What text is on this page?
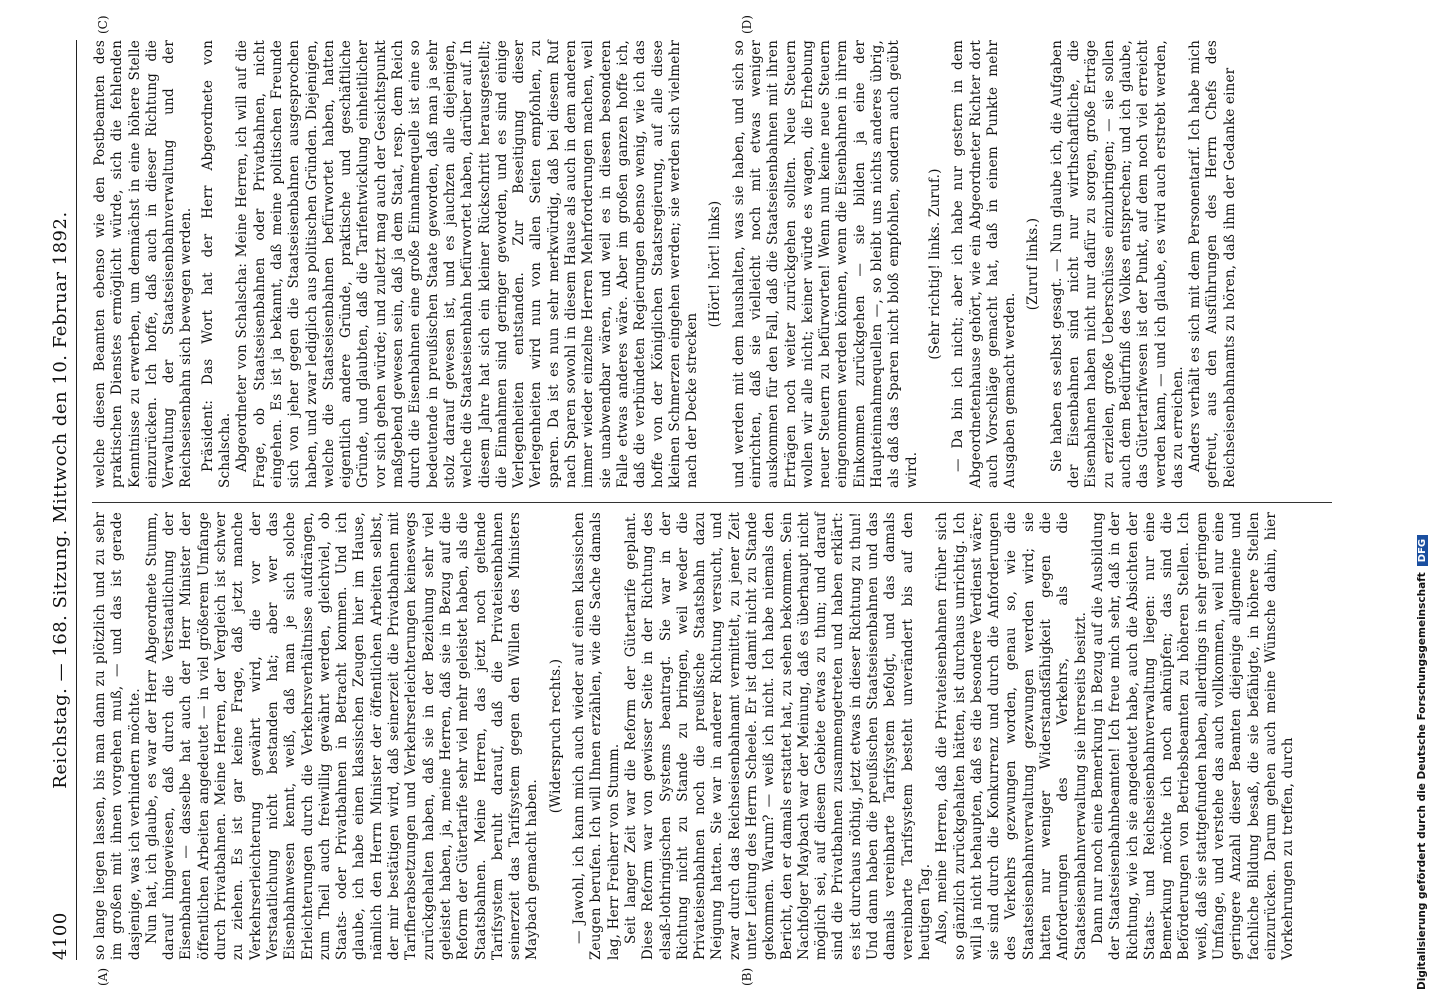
4100
Reichstag. — 168. Sitzung. Mittwoch den 10. Februar 1892.
(A)	(B)
(C)	(D)

so lange liegen lassen, bis man dann zu plötzlich und zu sehr im großen mit ihnen vorgehen muß, — und das ist gerade dasjenige, was ich verhindern möchte. Nun hat, ich glaube, es war der Herr Abgeordnete Stumm, darauf hingewiesen, daß durch die Verstaatlichung der Eisenbahnen — dasselbe hat auch der Herr Minister der öffentlichen Arbeiten angedeutet — in viel größerem Umfange durch Privatbahnen. Meine Herren, der Vergleich ist schwer zu ziehen. Es ist gar keine Frage, daß jetzt manche Verkehrserleichterung gewährt wird, die vor der Verstaatlichung nicht bestanden hat; aber wer das Eisenbahnwesen kennt, weiß, daß man je sich solche Erleichterungen durch die Verkehrsverhältnisse aufdrängen, zum Theil auch freiwillig gewährt werden, gleichviel, ob Staats- oder Privatbahnen in Betracht kommen. Und ich glaube, ich habe einen klassischen Zeugen hier im Hause, nämlich den Herrn Minister der öffentlichen Arbeiten selbst, der mir bestätigen wird, daß seinerzeit die Privatbahnen mit Tarifherabsetzungen und Verkehrserleichterungen keineswegs zurückgehalten haben, daß sie in der Beziehung sehr viel geleistet haben, ja, meine Herren, daß sie in Bezug auf die Reform der Gütertarife sehr viel mehr geleistet haben, als die Staatsbahnen. Meine Herren, das jetzt noch geltende Tarifsystem beruht darauf, daß die Privateisenbahnen seinerzeit das Tarifsystem gegen den Willen des Ministers Maybach gemacht haben.

(Widerspruch rechts.) — Jawohl, ich kann mich auch wieder auf einen klassischen Zeugen berufen. Ich will Ihnen erzählen, wie die Sache damals lag, Herr Freiherr von Stumm. Seit langer Zeit war die Reform der Gütertarife geplant. Diese Reform war von gewisser Seite in der Richtung des elsaß-lothringischen Systems beantragt. Sie war in der Richtung nicht zu Stande zu bringen, weil weder die Privateisenbahnen noch die preußische Staatsbahn dazu Neigung hatten. Sie war in anderer Richtung versucht, und zwar durch das Reichseisenbahnamt vermittelt, zu jener Zeit unter Leitung des Herrn Scheele. Er ist damit nicht zu Stande gekommen. Warum? — weiß ich nicht. Ich habe niemals den Bericht, den er damals erstattet hat, zu sehen bekommen. Sein Nachfolger Maybach war der Meinung, daß es überhaupt nicht möglich sei, auf diesem Gebiete etwas zu thun; und darauf sind die Privatbahnen zusammengetreten und haben erklärt: es ist durchaus nöthig, jetzt etwas in dieser Richtung zu thun! Und dann haben die preußischen Staatseisenbahnen und das damals vereinbarte Tarifsystem befolgt, und das damals vereinbarte Tarifsystem besteht unverändert bis auf den heutigen Tag. Also, meine Herren, daß die Privateisenbahnen früher sich so gänzlich zurückgehalten hätten, ist durchaus unrichtig. Ich will ja nicht behaupten, daß es die besondere Verdienst wäre; sie sind durch die Konkurrenz und durch die Anforderungen des Verkehrs gezwungen worden, genau so, wie die Staatseisenbahnverwaltung gezwungen werden wird; sie hatten nur weniger Widerstandsfähigkeit gegen die Anforderungen des Verkehrs, als die Staatseisenbahnverwaltung sie ihrerseits besitzt. Dann nur noch eine Bemerkung in Bezug auf die Ausbildung der Staatseisenbahnbeamten! Ich freue mich sehr, daß in der Richtung, wie ich sie angedeutet habe, auch die Absichten der Staats- und Reichseisenbahnverwaltung liegen: nur eine Bemerkung möchte ich noch anknüpfen; das sind die Beförderungen von Betriebsbeamten zu höheren Stellen. Ich weiß, daß sie stattgefunden haben, allerdings in sehr geringem Umfange, und verstehe das auch vollkommen, weil nur eine geringere Anzahl dieser Beamten diejenige allgemeine und fachliche Bildung besaß, die sie befähigte, in höhere Stellen einzurücken. Darum gehen auch meine Wünsche dahin, hier Vorkehrungen zu treffen, durch

welche diesen Beamten ebenso wie den Postbeamten des praktischen Dienstes ermöglicht würde, sich die fehlenden Kenntnisse zu erwerben, um demnächst in eine höhere Stelle einzurücken. Ich hoffe, daß auch in dieser Richtung die Verwaltung der Staatseisenbahnverwaltung und der Reichseisenbahn sich bewegen werden. Präsident: Das Wort hat der Herr Abgeordnete von Schalscha. Abgeordneter von Schalscha: Meine Herren, ich will auf die Frage, ob Staatseisenbahnen oder Privatbahnen, nicht eingehen. Es ist ja bekannt, daß meine politischen Freunde sich von jeher gegen die Staatseisenbahnen ausgesprochen haben, und zwar lediglich aus politischen Gründen. Diejenigen, welche die Staatseisenbahnen befürwortet haben, hatten eigentlich andere Gründe, praktische und geschäftliche Gründe, und glaubten, daß die Tarifentwicklung einheitlicher vor sich gehen würde; und zuletzt mag auch der Gesichtspunkt maßgebend gewesen sein, daß ja dem Staat, resp. dem Reich durch die Eisenbahnen eine große Einnahmequelle ist eine so bedeutende in preußischen Staate geworden, daß man ja sehr stolz darauf gewesen ist, und es jauchzen alle diejenigen, welche die Staatseisenbahn befürwortet haben, darüber auf. In diesem Jahre hat sich ein kleiner Rückschritt herausgestellt; die Einnahmen sind geringer geworden, und es sind einige Verlegenheiten entstanden. Zur Beseitigung dieser Verlegenheiten wird nun von allen Seiten empfohlen, zu sparen. Da ist es nun sehr merkwürdig, daß bei diesem Ruf nach Sparen sowohl in diesem Hause als auch in dem anderen immer wieder einzelne Herren Mehrforderungen machen, weil sie unabwendbar wären, und weil es in diesen besonderen Falle etwas anderes wäre. Aber im großen ganzen hoffe ich, daß die verbündeten Regierungen ebenso wenig, wie ich das hoffe von der Königlichen Staatsregierung, auf alle diese kleinen Schmerzen eingehen werden; sie werden sich vielmehr nach der Decke strecken

(Hört! hört! links) und werden mit dem haushalten, was sie haben, und sich so einrichten, daß sie vielleicht noch mit etwas weniger auskommen für den Fall, daß die Staatseisenbahnen mit ihren Erträgen noch weiter zurückgehen sollten. Neue Steuern wollen wir alle nicht; keiner würde es wagen, die Erhebung neuer Steuern zu befürworten! Wenn nun keine neue Steuern eingenommen werden können, wenn die Eisenbahnen in ihrem Einkommen zurückgehen — sie bilden ja eine der Haupteinnahmequellen —, so bleibt uns nichts anderes übrig, als daß das Sparen nicht bloß empfohlen, sondern auch geübt wird.

(Sehr richtig! links. Zuruf.) — Da bin ich nicht; aber ich habe nur gestern in dem Abgeordnetenhause gehört, wie ein Abgeordneter Richter dort auch Vorschläge gemacht hat, daß in einem Punkte mehr Ausgaben gemacht werden.

(Zuruf links.) Sie haben es selbst gesagt. — Nun glaube ich, die Aufgaben der Eisenbahnen sind nicht nur wirthschaftliche, die Eisenbahnen haben nicht nur dafür zu sorgen, große Erträge zu erzielen, große Ueberschüsse einzubringen; — sie sollen auch dem Bedürfniß des Volkes entsprechen; und ich glaube, das Gütertarifwesen ist der Punkt, auf dem noch viel erreicht werden kann, — und ich glaube, es wird auch erstrebt werden, das zu erreichen. Anders verhält es sich mit dem Personentarif. Ich habe mich gefreut, aus den Ausführungen des Herrn Chefs des Reichseisenbahnamts zu hören, daß ihm der Gedanke einer

Digitalisierung gefördert durch die Deutsche ForschungsgemeinschaftDFG
